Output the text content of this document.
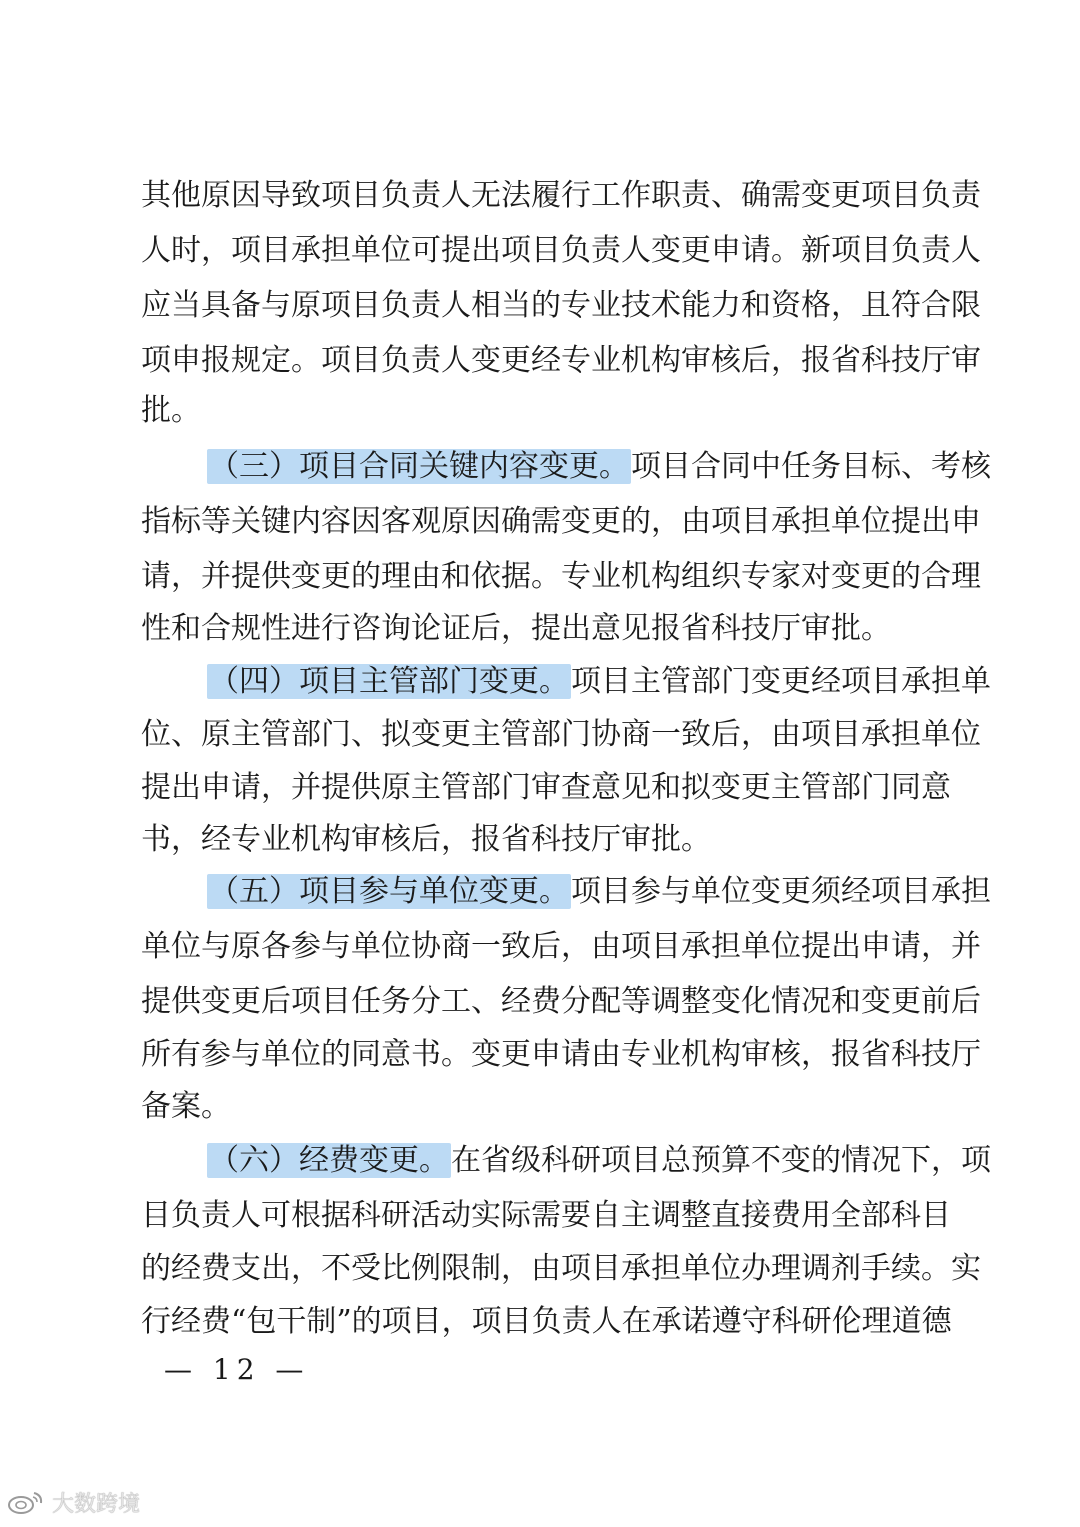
其他原因导致项目负责人无法履行工作职责、确需变更项目负责
人时，项目承担单位可提出项目负责人变更申请。新项目负责人
应当具备与原项目负责人相当的专业技术能力和资格，且符合限
项申报规定。项目负责人变更经专业机构审核后，报省科技厅审
批。
（三）项目合同关键内容变更。项目合同中任务目标、考核
指标等关键内容因客观原因确需变更的，由项目承担单位提出申
请，并提供变更的理由和依据。专业机构组织专家对变更的合理
性和合规性进行咨询论证后，提出意见报省科技厅审批。
（四）项目主管部门变更。项目主管部门变更经项目承担单
位、原主管部门、拟变更主管部门协商一致后，由项目承担单位
提出申请，并提供原主管部门审查意见和拟变更主管部门同意
书，经专业机构审核后，报省科技厅审批。
（五）项目参与单位变更。项目参与单位变更须经项目承担
单位与原各参与单位协商一致后，由项目承担单位提出申请，并
提供变更后项目任务分工、经费分配等调整变化情况和变更前后
所有参与单位的同意书。变更申请由专业机构审核，报省科技厅
备案。
（六）经费变更。在省级科研项目总预算不变的情况下，项
目负责人可根据科研活动实际需要自主调整直接费用全部科目
的经费支出，不受比例限制，由项目承担单位办理调剂手续。实
行经费“包干制”的项目，项目负责人在承诺遵守科研伦理道德
— 12 —
大数跨境
